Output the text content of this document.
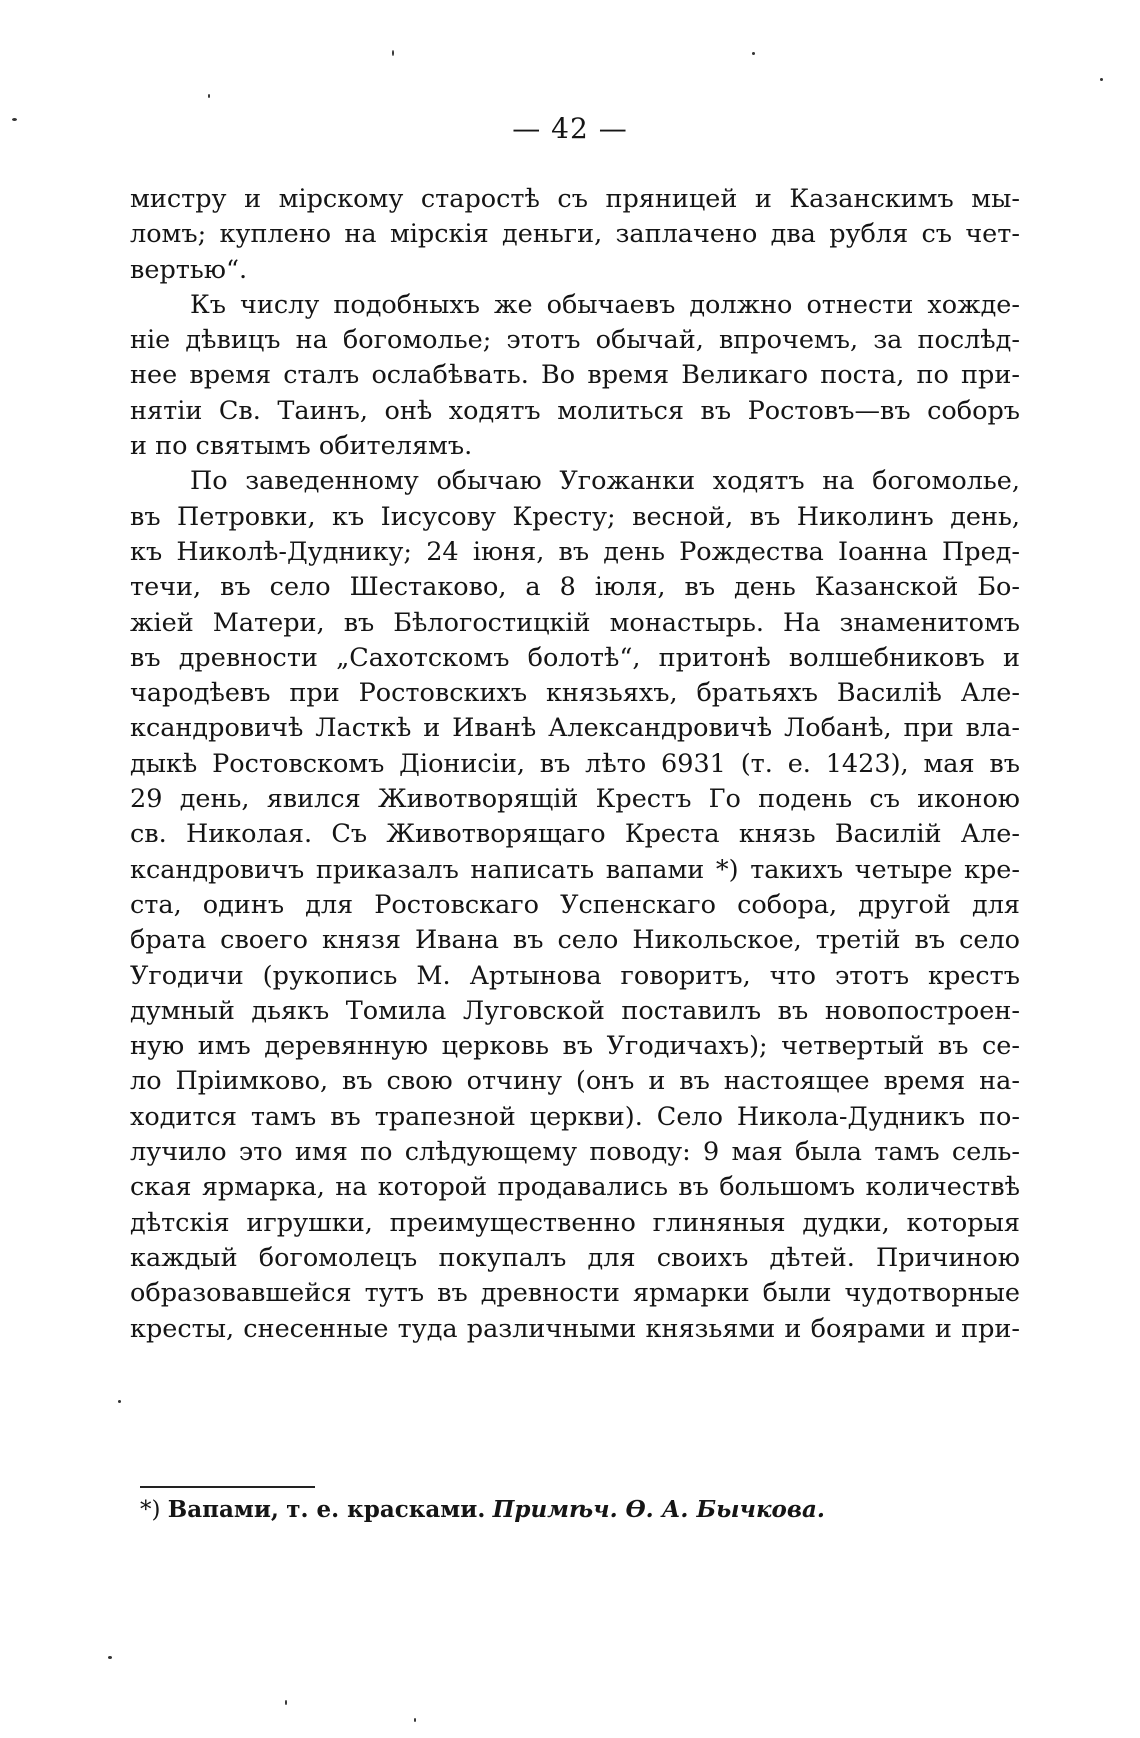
— 42 —
мистру и мірскому старостѣ съ пряницей и Казанскимъ мы-
ломъ; куплено на мірскія деньги, заплачено два рубля съ чет-
вертью“.
Къ числу подобныхъ же обычаевъ должно отнести хожде-
ніе дѣвицъ на богомолье; этотъ обычай, впрочемъ, за послѣд-
нее время сталъ ослабѣвать. Во время Великаго поста, по при-
нятіи Св. Таинъ, онѣ ходятъ молиться въ Ростовъ—въ соборъ
и по святымъ обителямъ.
По заведенному обычаю Угожанки ходятъ на богомолье,
въ Петровки, къ Іисусову Кресту; весной, въ Николинъ день,
къ Николѣ-Дуднику; 24 іюня, въ день Рождества Іоанна Пред-
течи, въ село Шестаково, а 8 іюля, въ день Казанской Бо-
жіей Матери, въ Бѣлогостицкій монастырь. На знаменитомъ
въ древности „Сахотскомъ болотѣ“, притонѣ волшебниковъ и
чародѣевъ при Ростовскихъ князьяхъ, братьяхъ Василіѣ Але-
ксандровичѣ Ласткѣ и Иванѣ Александровичѣ Лобанѣ, при вла-
дыкѣ Ростовскомъ Діонисіи, въ лѣто 6931 (т. е. 1423), мая въ
29 день, явился Животворящій Крестъ Го подень съ иконою
св. Николая. Съ Животворящаго Креста князь Василій Але-
ксандровичъ приказалъ написать вапами *) такихъ четыре кре-
ста, одинъ для Ростовскаго Успенскаго собора, другой для
брата своего князя Ивана въ село Никольское, третій въ село
Угодичи (рукопись М. Артынова говоритъ, что этотъ крестъ
думный дьякъ Томила Луговской поставилъ въ новопостроен-
ную имъ деревянную церковь въ Угодичахъ); четвертый въ се-
ло Пріимково, въ свою отчину (онъ и въ настоящее время на-
ходится тамъ въ трапезной церкви). Село Никола-Дудникъ по-
лучило это имя по слѣдующему поводу: 9 мая была тамъ сель-
ская ярмарка, на которой продавались въ большомъ количествѣ
дѣтскія игрушки, преимущественно глиняныя дудки, которыя
каждый богомолецъ покупалъ для своихъ дѣтей. Причиною
образовавшейся тутъ въ древности ярмарки были чудотворные
кресты, снесенные туда различными князьями и боярами и при-
*) Вапами, т. е. красками. Примѣч. Ѳ. А. Бычкова.
